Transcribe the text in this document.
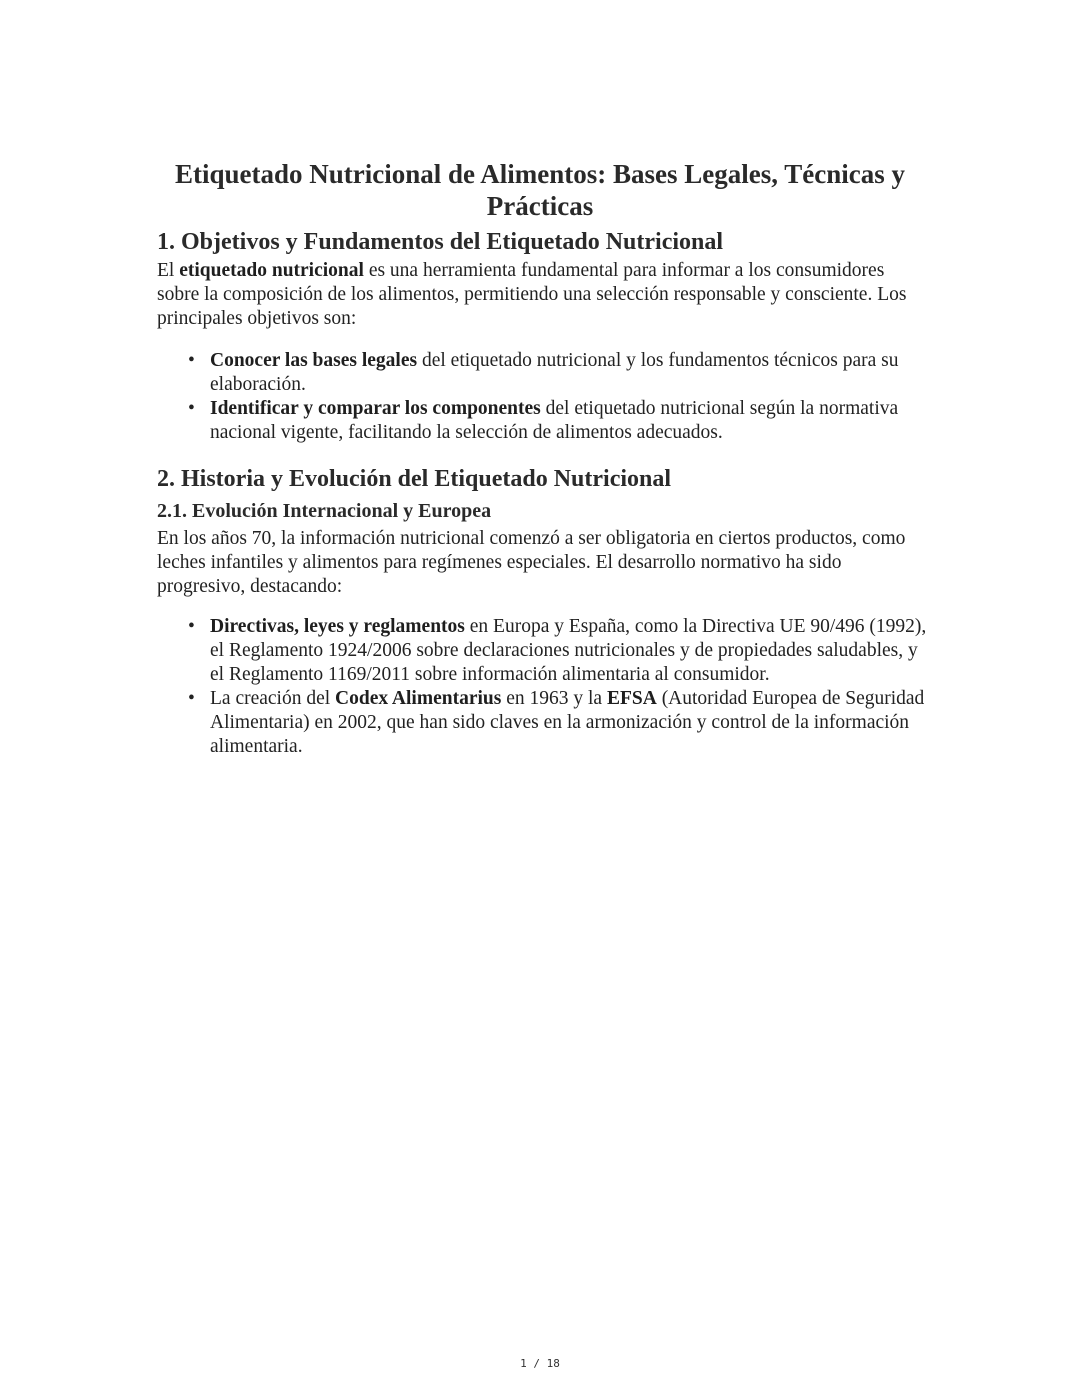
Etiquetado Nutricional de Alimentos: Bases Legales, Técnicas y Prácticas
1. Objetivos y Fundamentos del Etiquetado Nutricional

El etiquetado nutricional es una herramienta fundamental para informar a los consumidores sobre la composición de los alimentos, permitiendo una selección responsable y consciente. Los principales objetivos son:

• Conocer las bases legales del etiquetado nutricional y los fundamentos técnicos para su elaboración.
• Identificar y comparar los componentes del etiquetado nutricional según la normativa nacional vigente, facilitando la selección de alimentos adecuados.
2. Historia y Evolución del Etiquetado Nutricional
2.1. Evolución Internacional y Europea

En los años 70, la información nutricional comenzó a ser obligatoria en ciertos productos, como leches infantiles y alimentos para regímenes especiales. El desarrollo normativo ha sido progresivo, destacando:

• Directivas, leyes y reglamentos en Europa y España, como la Directiva UE 90/496 (1992), el Reglamento 1924/2006 sobre declaraciones nutricionales y de propiedades saludables, y el Reglamento 1169/2011 sobre información alimentaria al consumidor.
• La creación del Codex Alimentarius en 1963 y la EFSA (Autoridad Europea de Seguridad Alimentaria) en 2002, que han sido claves en la armonización y control de la información alimentaria.
1 / 18
